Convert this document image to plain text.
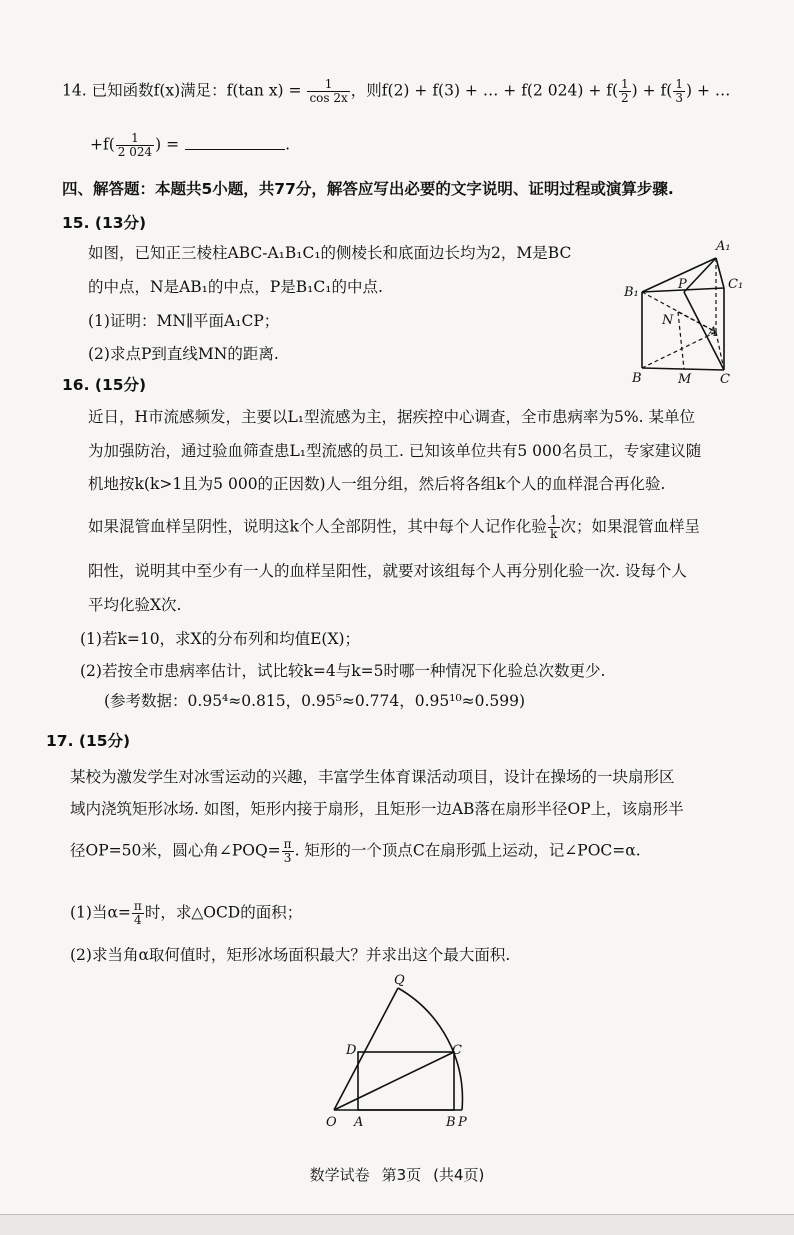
14. 已知函数f(x)满足：f(tan $x) = \frac{1}{\cos 2x}$ ，则f(2) + f(3) + … + f(2 $024) + f( \frac{1}{2}$ ) + $f( \frac{1}{3}$ ) + …
$+f( \frac{1}{2 024}$ ) =	.
四、解答题：本题共5小题，共77分，解答应写出必要的文字说明、证明过程或演算步骤.
15. (13分)
如图，已知正三棱柱ABC-A₁B₁C₁的侧棱长和底面边长均为2，M是BC
的中点，N是AB₁的中点，P是B₁C₁的中点.
(1)证明：MN∥平面A₁CP；
(2)求点P到直线MN的距离.
A₁
B₁
C₁
P
N
A
B	M C
16. (15分)
近日，H市流感频发，主要以L₁型流感为主，据疾控中心调查，全市患病率为5%. 某单位
为加强防治，通过验血筛查患L₁型流感的员工. 已知该单位共有5 000名员工，专家建议随
机地按k(k>1且为5 000的正因数)人一组分组，然后将各组k个人的血样混合再化验.
如果混管血样呈阴性，说明这k个人全部阴性，其中每个人记作化验 $\frac{1}{k}$ 次；如果混管血样呈
阳性，说明其中至少有一人的血样呈阳性，就要对该组每个人再分别化验一次. 设每个人
平均化验X次.
(1)若k=10，求X的分布列和均值E(X)；
(2)若按全市患病率估计，试比较k=4与k=5时哪一种情况下化验总次数更少.
(参考数据：0.95⁴≈0.815，0.95⁵≈0.774，0.95¹⁰≈0.599)
17. (15分)
某校为激发学生对冰雪运动的兴趣，丰富学生体育课活动项目，设计在操场的一块扇形区
域内浇筑矩形冰场. 如图，矩形内接于扇形，且矩形一边AB落在扇形半径OP上，该扇形半
径OP=50米，圆心角∠POQ= $\frac{\pi}{3}$ . 矩形的一个顶点C在扇形弧上运动，记∠POC=α.
(1)当$\alpha= \frac{\pi}{4}$ 时，求△OCD的面积；
(2)求当角α取何值时，矩形冰场面积最大？并求出这个最大面积.
Q
D	C
O A	B P
数学试卷 第3页 (共4页)
